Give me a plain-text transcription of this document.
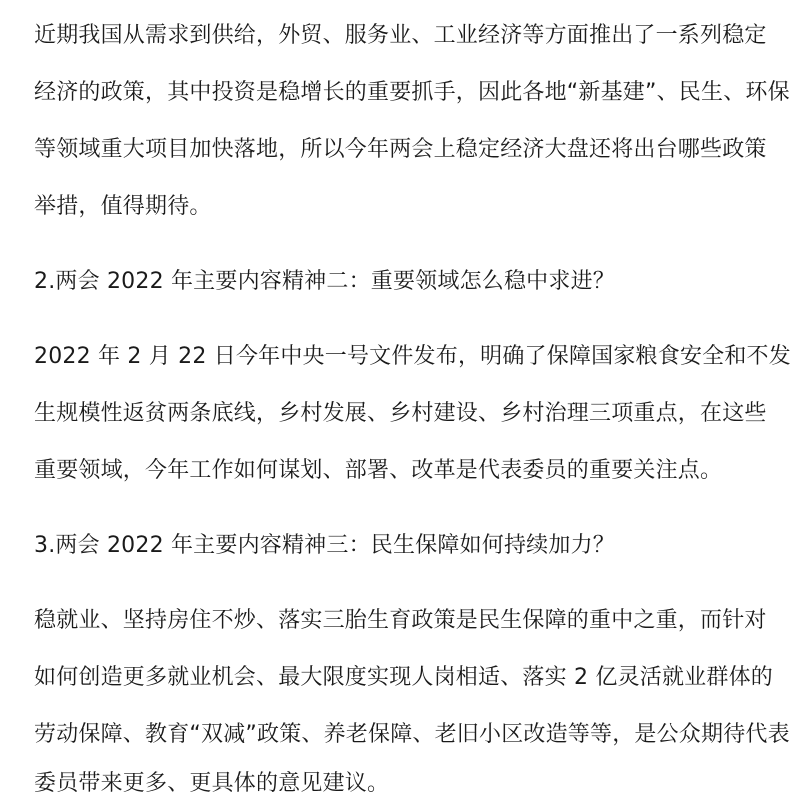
近期我国从需求到供给，外贸、服务业、工业经济等方面推出了一系列稳定

经济的政策，其中投资是稳增长的重要抓手，因此各地“新基建”、民生、环保

等领域重大项目加快落地，所以今年两会上稳定经济大盘还将出台哪些政策

举措，值得期待。

2.两会 2022 年主要内容精神二：重要领域怎么稳中求进？

2022 年 2 月 22 日今年中央一号文件发布，明确了保障国家粮食安全和不发

生规模性返贫两条底线，乡村发展、乡村建设、乡村治理三项重点，在这些

重要领域，今年工作如何谋划、部署、改革是代表委员的重要关注点。

3.两会 2022 年主要内容精神三：民生保障如何持续加力？

稳就业、坚持房住不炒、落实三胎生育政策是民生保障的重中之重，而针对

如何创造更多就业机会、最大限度实现人岗相适、落实 2 亿灵活就业群体的

劳动保障、教育“双减”政策、养老保障、老旧小区改造等等，是公众期待代表

委员带来更多、更具体的意见建议。
